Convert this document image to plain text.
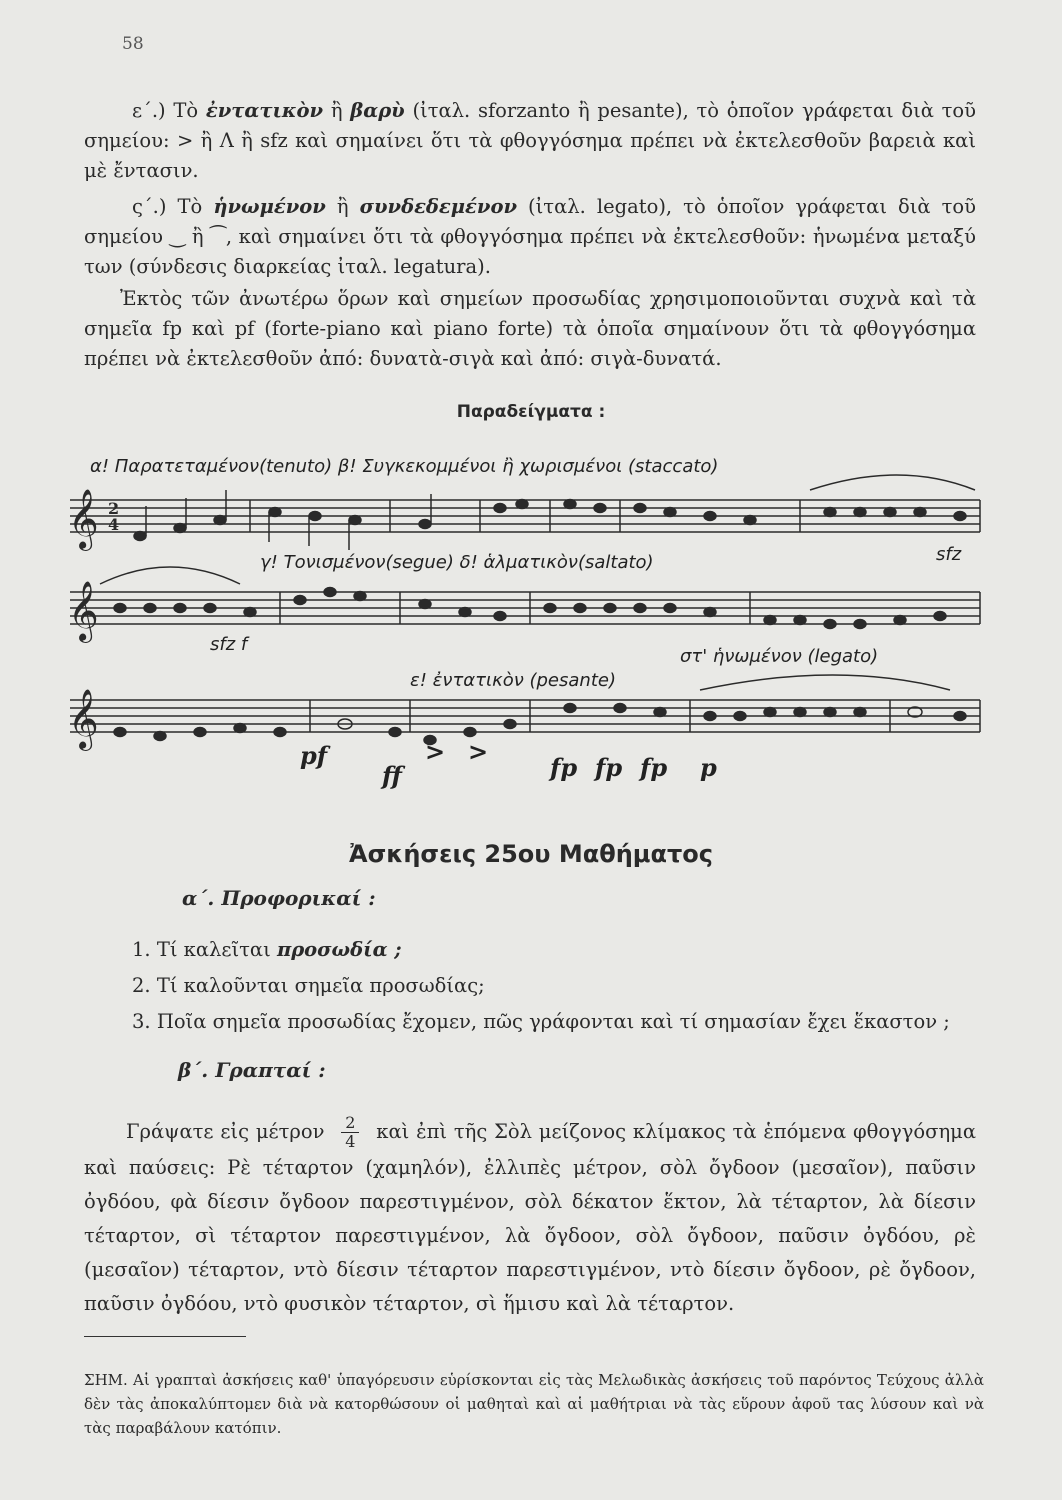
58
ε΄.) Τὸ ἐντατικὸν ἢ βαρὺ (ἰταλ. sforzanto ἢ pesante), τὸ ὁποῖον γράφεται διὰ τοῦ σημείου: > ἢ Λ ἢ sfz καὶ σημαίνει ὅτι τὰ φθογγόσημα πρέπει νὰ ἐκτελεσθοῦν βαρειὰ καὶ μὲ ἔντασιν.
ς΄.) Τὸ ἡνωμένον ἢ συνδεδεμένον (ἰταλ. legato), τὸ ὁποῖον γράφεται διὰ τοῦ σημείου ‿ ἢ ⁀, καὶ σημαίνει ὅτι τὰ φθογγόσημα πρέπει νὰ ἐκτελεσθοῦν: ἡνωμένα μεταξύ των (σύνδεσις διαρκείας ἰταλ. legatura).
Ἐκτὸς τῶν ἀνωτέρω ὅρων καὶ σημείων προσωδίας χρησιμοποιοῦνται συχνὰ καὶ τὰ σημεῖα fp καὶ pf (forte-piano καὶ piano forte) τὰ ὁποῖα σημαίνουν ὅτι τὰ φθογγόσημα πρέπει νὰ ἐκτελεσθοῦν ἀπό: δυνατὰ-σιγὰ καὶ ἀπό: σιγὰ-δυνατά.
Παραδείγματα :
𝄞
𝄞
𝄞
2
4
α! Παρατεταμένον(tenuto) β! Συγκεκομμένοι ἢ χωρισμένοι (staccato)
γ! Τονισμένον(segue) δ! ἁλματικὸν(saltato)	sfz
sfz f
στ' ἡνωμένον (legato)
ε! ἐντατικὸν (pesante)
pf
ff
> >
fp fp fp p
Ἀσκήσεις 25ου Μαθήματος
α΄. Προφορικαί :
1. Τί καλεῖται προσωδία ;
2. Τί καλοῦνται σημεῖα προσωδίας;
3. Ποῖα σημεῖα προσωδίας ἔχομεν, πῶς γράφονται καὶ τί σημασίαν ἔχει ἕκαστον ;
β΄. Γραπταί :
Γράψατε εἰς μέτρον $\frac{2}{4}$ καὶ ἐπὶ τῆς Σὸλ μείζονος κλίμακος τὰ ἑπόμενα φθογγόσημα καὶ παύσεις: Ρὲ τέταρτον (χαμηλόν), ἐλλιπὲς μέτρον, σὸλ ὄγδοον (μεσαῖον), παῦσιν ὀγδόου, φὰ δίεσιν ὄγδοον παρεστιγμένον, σὸλ δέκατον ἕκτον, λὰ τέταρτον, λὰ δίεσιν τέταρτον, σὶ τέταρτον παρεστιγμένον, λὰ ὄγδοον, σὸλ ὄγδοον, παῦσιν ὀγδόου, ρὲ (μεσαῖον) τέταρτον, ντὸ δίεσιν τέταρτον παρεστιγμένον, ντὸ δίεσιν ὄγδοον, ρὲ ὄγδοον, παῦσιν ὀγδόου, ντὸ φυσικὸν τέταρτον, σὶ ἥμισυ καὶ λὰ τέταρτον.
ΣΗΜ. Αἱ γραπταὶ ἀσκήσεις καθ' ὑπαγόρευσιν εὑρίσκονται εἰς τὰς Μελωδικὰς ἀσκήσεις τοῦ παρόντος Τεύχους ἀλλὰ δὲν τὰς ἀποκαλύπτομεν διὰ νὰ κατορθώσουν οἱ μαθηταὶ καὶ αἱ μαθήτριαι νὰ τὰς εὕρουν ἀφοῦ τας λύσουν καὶ νὰ τὰς παραβάλουν κατόπιν.
